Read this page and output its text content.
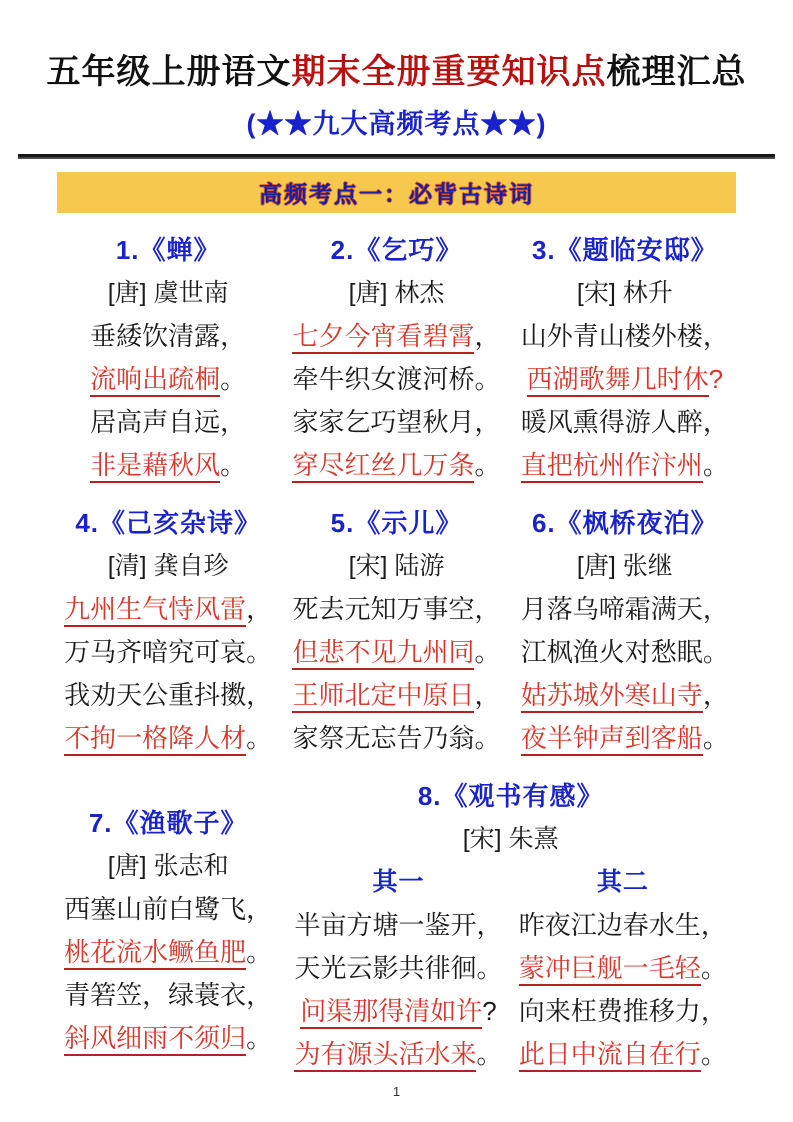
五年级上册语文期末全册重要知识点梳理汇总
(★★九大高频考点★★)
高频考点一：必背古诗词
1.《蝉》
[唐] 虞世南
垂緌饮清露，
流响出疏桐。
居高声自远，
非是藉秋风。
2.《乞巧》
[唐] 林杰
七夕今宵看碧霄，
牵牛织女渡河桥。
家家乞巧望秋月，
穿尽红丝几万条。
3.《题临安邸》
[宋] 林升
山外青山楼外楼，
西湖歌舞几时休?
暖风熏得游人醉，
直把杭州作汴州。
4.《己亥杂诗》
[清] 龚自珍
九州生气恃风雷，
万马齐喑究可哀。
我劝天公重抖擞，
不拘一格降人材。
5.《示儿》
[宋] 陆游
死去元知万事空，
但悲不见九州同。
王师北定中原日，
家祭无忘告乃翁。
6.《枫桥夜泊》
[唐] 张继
月落乌啼霜满天，
江枫渔火对愁眠。
姑苏城外寒山寺，
夜半钟声到客船。
7.《渔歌子》
[唐] 张志和
西塞山前白鹭飞，
桃花流水鳜鱼肥。
青箬笠，绿蓑衣，
斜风细雨不须归。
8.《观书有感》
[宋] 朱熹
其一
半亩方塘一鉴开，
天光云影共徘徊。
问渠那得清如许?
为有源头活水来。
其二
昨夜江边春水生，
蒙冲巨舰一毛轻。
向来枉费推移力，
此日中流自在行。
1
